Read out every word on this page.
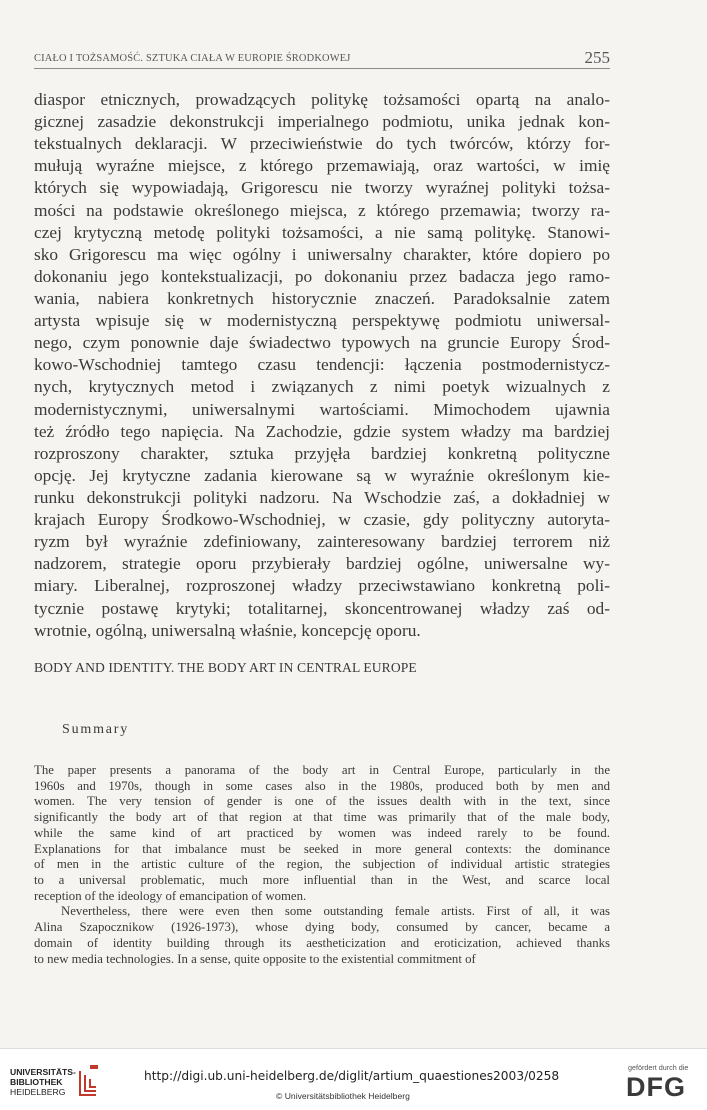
CIAŁO I TOŻSAMOŚĆ. SZTUKA CIAŁA W EUROPIE ŚRODKOWEJ	255
diaspor etnicznych, prowadzących politykę tożsamości opartą na analo-
gicznej zasadzie dekonstrukcji imperialnego podmiotu, unika jednak kon-
tekstualnych deklaracji. W przeciwieństwie do tych twórców, którzy for-
mułują wyraźne miejsce, z którego przemawiają, oraz wartości, w imię
których się wypowiadają, Grigorescu nie tworzy wyraźnej polityki tożsa-
mości na podstawie określonego miejsca, z którego przemawia; tworzy ra-
czej krytyczną metodę polityki tożsamości, a nie samą politykę. Stanowi-
sko Grigorescu ma więc ogólny i uniwersalny charakter, które dopiero po
dokonaniu jego kontekstualizacji, po dokonaniu przez badacza jego ramo-
wania, nabiera konkretnych historycznie znaczeń. Paradoksalnie zatem
artysta wpisuje się w modernistyczną perspektywę podmiotu uniwersal-
nego, czym ponownie daje świadectwo typowych na gruncie Europy Środ-
kowo-Wschodniej tamtego czasu tendencji: łączenia postmodernistycz-
nych, krytycznych metod i związanych z nimi poetyk wizualnych z
modernistycznymi, uniwersalnymi wartościami. Mimochodem ujawnia
też źródło tego napięcia. Na Zachodzie, gdzie system władzy ma bardziej
rozproszony charakter, sztuka przyjęła bardziej konkretną polityczne
opcję. Jej krytyczne zadania kierowane są w wyraźnie określonym kie-
runku dekonstrukcji polityki nadzoru. Na Wschodzie zaś, a dokładniej w
krajach Europy Środkowo-Wschodniej, w czasie, gdy polityczny autoryta-
ryzm był wyraźnie zdefiniowany, zainteresowany bardziej terrorem niż
nadzorem, strategie oporu przybierały bardziej ogólne, uniwersalne wy-
miary. Liberalnej, rozproszonej władzy przeciwstawiano konkretną poli-
tycznie postawę krytyki; totalitarnej, skoncentrowanej władzy zaś od-
wrotnie, ogólną, uniwersalną właśnie, koncepcję oporu.
BODY AND IDENTITY. THE BODY ART IN CENTRAL EUROPE
Summary
The paper presents a panorama of the body art in Central Europe, particularly in the
1960s and 1970s, though in some cases also in the 1980s, produced both by men and
women. The very tension of gender is one of the issues dealth with in the text, since
significantly the body art of that region at that time was primarily that of the male body,
while the same kind of art practiced by women was indeed rarely to be found.
Explanations for that imbalance must be seeked in more general contexts: the dominance
of men in the artistic culture of the region, the subjection of individual artistic strategies
to a universal problematic, much more influential than in the West, and scarce local
reception of the ideology of emancipation of women.
Nevertheless, there were even then some outstanding female artists. First of all, it was
Alina Szapocznikow (1926-1973), whose dying body, consumed by cancer, became a
domain of identity building through its aestheticization and eroticization, achieved thanks
to new media technologies. In a sense, quite opposite to the existential commitment of
UNIVERSITÄTS-
BIBLIOTHEK
HEIDELBERG
http://digi.ub.uni-heidelberg.de/diglit/artium_quaestiones2003/0258
© Universitätsbibliothek Heidelberg
gefördert durch die
DFG
